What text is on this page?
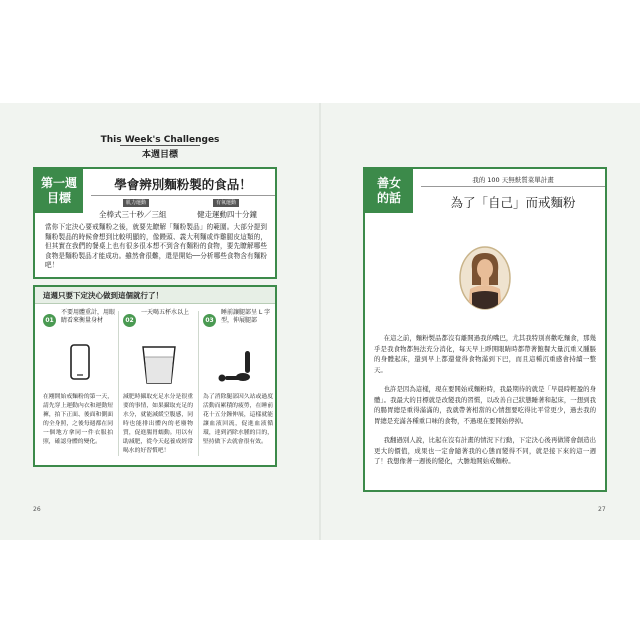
This Week's Challenges
本週目標
第一週
目標
學會辨別麵粉製的食品！
肌力運動
全棒式三十秒／三組
有氧運動
健走運動四十分鐘
當你下定決心要戒麵粉之後，就要先瞭解「麵粉製品」的範圍。大部分提到麵粉製品的時候會想到比較明顯的，像饅頭、義大利麵或炸雞腿皮這類的，但其實在我們的餐桌上也有很多很本想不到含有麵粉的食物，要先瞭解哪些食物是麵粉製品才能成功。雖然會很難，還是開始──分析哪些食物含有麵粉吧！
這週只要下定決心做到這個就行了！
01
不要用體重計，用眼睛看來衡量身材
在剛開始戒麵粉的第一天，請先穿上運動內衣和運動短褲，拍下正面、後面和側面的全身照，之後每週都在同一個地方拿同一件衣服拍照，確認身體的變化。
02
一天喝五杯水以上
減肥時攝取充足水分是很重要的事情，如果攝取充足的水分，就能減緩空腹感，同時也能排出體內的老廢物質，促進腸胃蠕動。用以有助減肥，從今天起養成經常喝水的好習慣吧！
03
睡前讓腿部呈 L 字型，伸展腿部
為了消除腿部因久站或過度活動而累積的疲勞，在睡前花十五分鐘伸展，這樣就能讓血液回流，促進血液循環，達到消除水腫的目的，堅持做下去就會很有效。
26
善女
的話
我的 100 天無麩質菜單計畫
為了「自己」而戒麵粉

在這之前，麵粉製品都沒有離開過我的嘴巴，尤其我特別喜歡吃麵食，那幾乎是我食物都無法充分消化，每天早上睜開眼睛時都帶著飽餐大量沉重又腫脹的身體起床，還到早上都還覺得食物滿到下巴，而且這種沉重感會持續一整天。

也許是因為這樣，現在要開始戒麵粉時，我最期待的就是「早晨時輕盈的身體」。我最大的目標就是改變我的習慣，以改善自己狀態睡著和起床，一想到我的腸胃總是重得滿滿的，我就帶著相當的心情想要吃得比平常更少，過去我的胃總是充滿各種重口味的食物，不過現在要開始停掉。

我翻過別人說，比起在沒有計畫的情況下行動，下定決心後再做將會創造出更大的價值，成果也一定會隨著我的心態而變得不同，就是接下來的這一週了！我想像著一週後的變化，大膽地開始戒麵粉。

27
